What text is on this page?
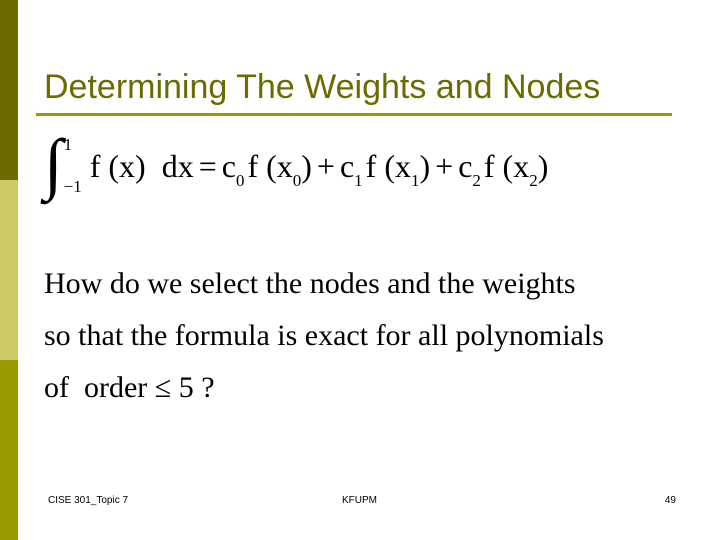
Determining The Weights and Nodes
∫ 1
−1
f (x)  dx = c 0 f (x 0 ) + c 1 f (x 1 ) + c 2 f (x 2 )

How do we select the nodes and the weights

so that the formula is exact for all polynomials

of  order ≤ 5 ?

CISE 301_Topic 7	KFUPM	49
